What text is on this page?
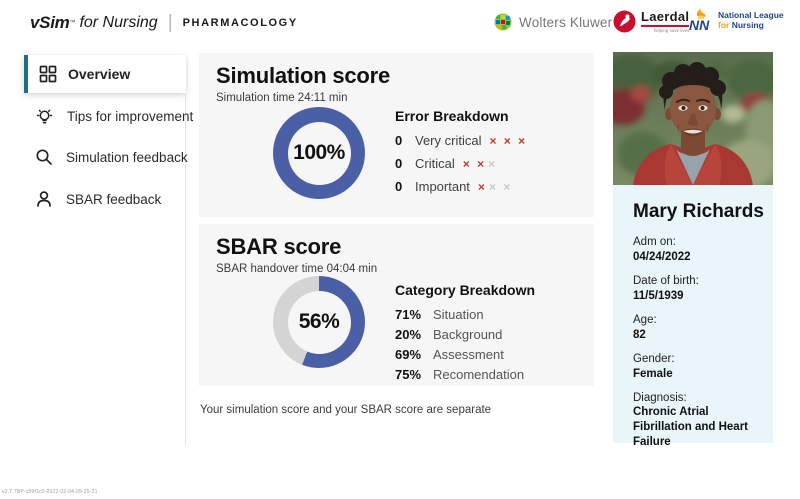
vSim ™ for Nursing | PHARMACOLOGY	Wolters Kluwer Laerdal
helping save lives NN
National League
for Nursing
Overview
Tips for improvement
Simulation feedback
SBAR feedback
Simulation score
Simulation time 24:11 min
100%
Error Breakdown
0 Very critical × × ×
0 Critical × × ×
0 Important × × ×
SBAR score
SBAR handover time 04:04 min
56%
Category Breakdown
71% Situation
20% Background
69% Assessment
75% Recomendation
Your simulation score and your SBAR score are separate
Mary Richards
Adm on:
04/24/2022
Date of birth:
11/5/1939
Age:
82
Gender:
Female
Diagnosis:
Chronic Atrial Fibrillation and Heart Failure
v2.7.7BP-c59f1c0-2022-02-04-09-25-21
